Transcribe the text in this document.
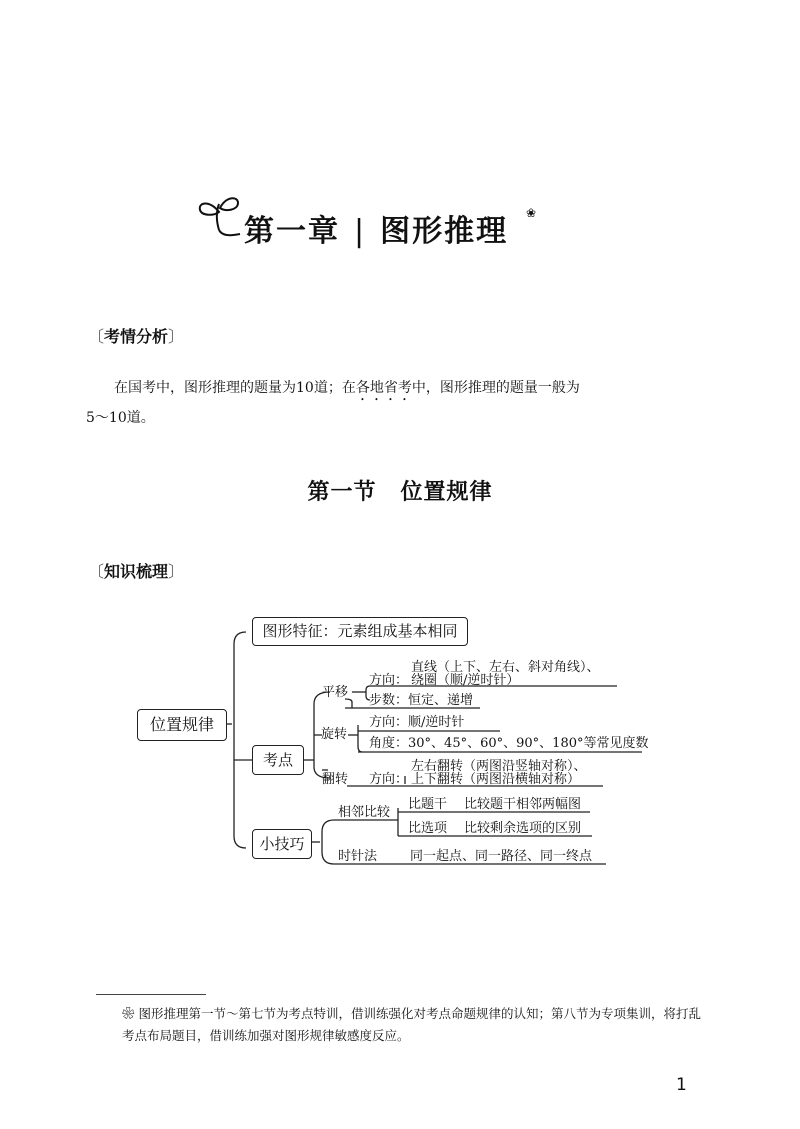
第一章 | 图形推理
❀
〔考情分析〕

在国考中，图形推理的题量为10道；在各地省考中，图形推理的题量一般为

5～10道。

第一节 位置规律
〔知识梳理〕
位置规律
图形特征：元素组成基本相同
考点
小技巧
平移
方向：
直线（上下、左右、斜对角线）、
绕圈（顺/逆时针）
步数：恒定、递增
旋转
方向：顺/逆时针
角度：30°、45°、60°、90°、180°等常见度数
翻转 方向：
左右翻转（两图沿竖轴对称）、
上下翻转（两图沿横轴对称）
相邻比较
比题干 比较题干相邻两幅图
比选项 比较剩余选项的区别
时针法	同一起点、同一路径、同一终点
❀ 图形推理第一节～第七节为考点特训，借训练强化对考点命题规律的认知；第八节为专项集训，将打乱考点布局题目，借训练加强对图形规律敏感度反应。
1
